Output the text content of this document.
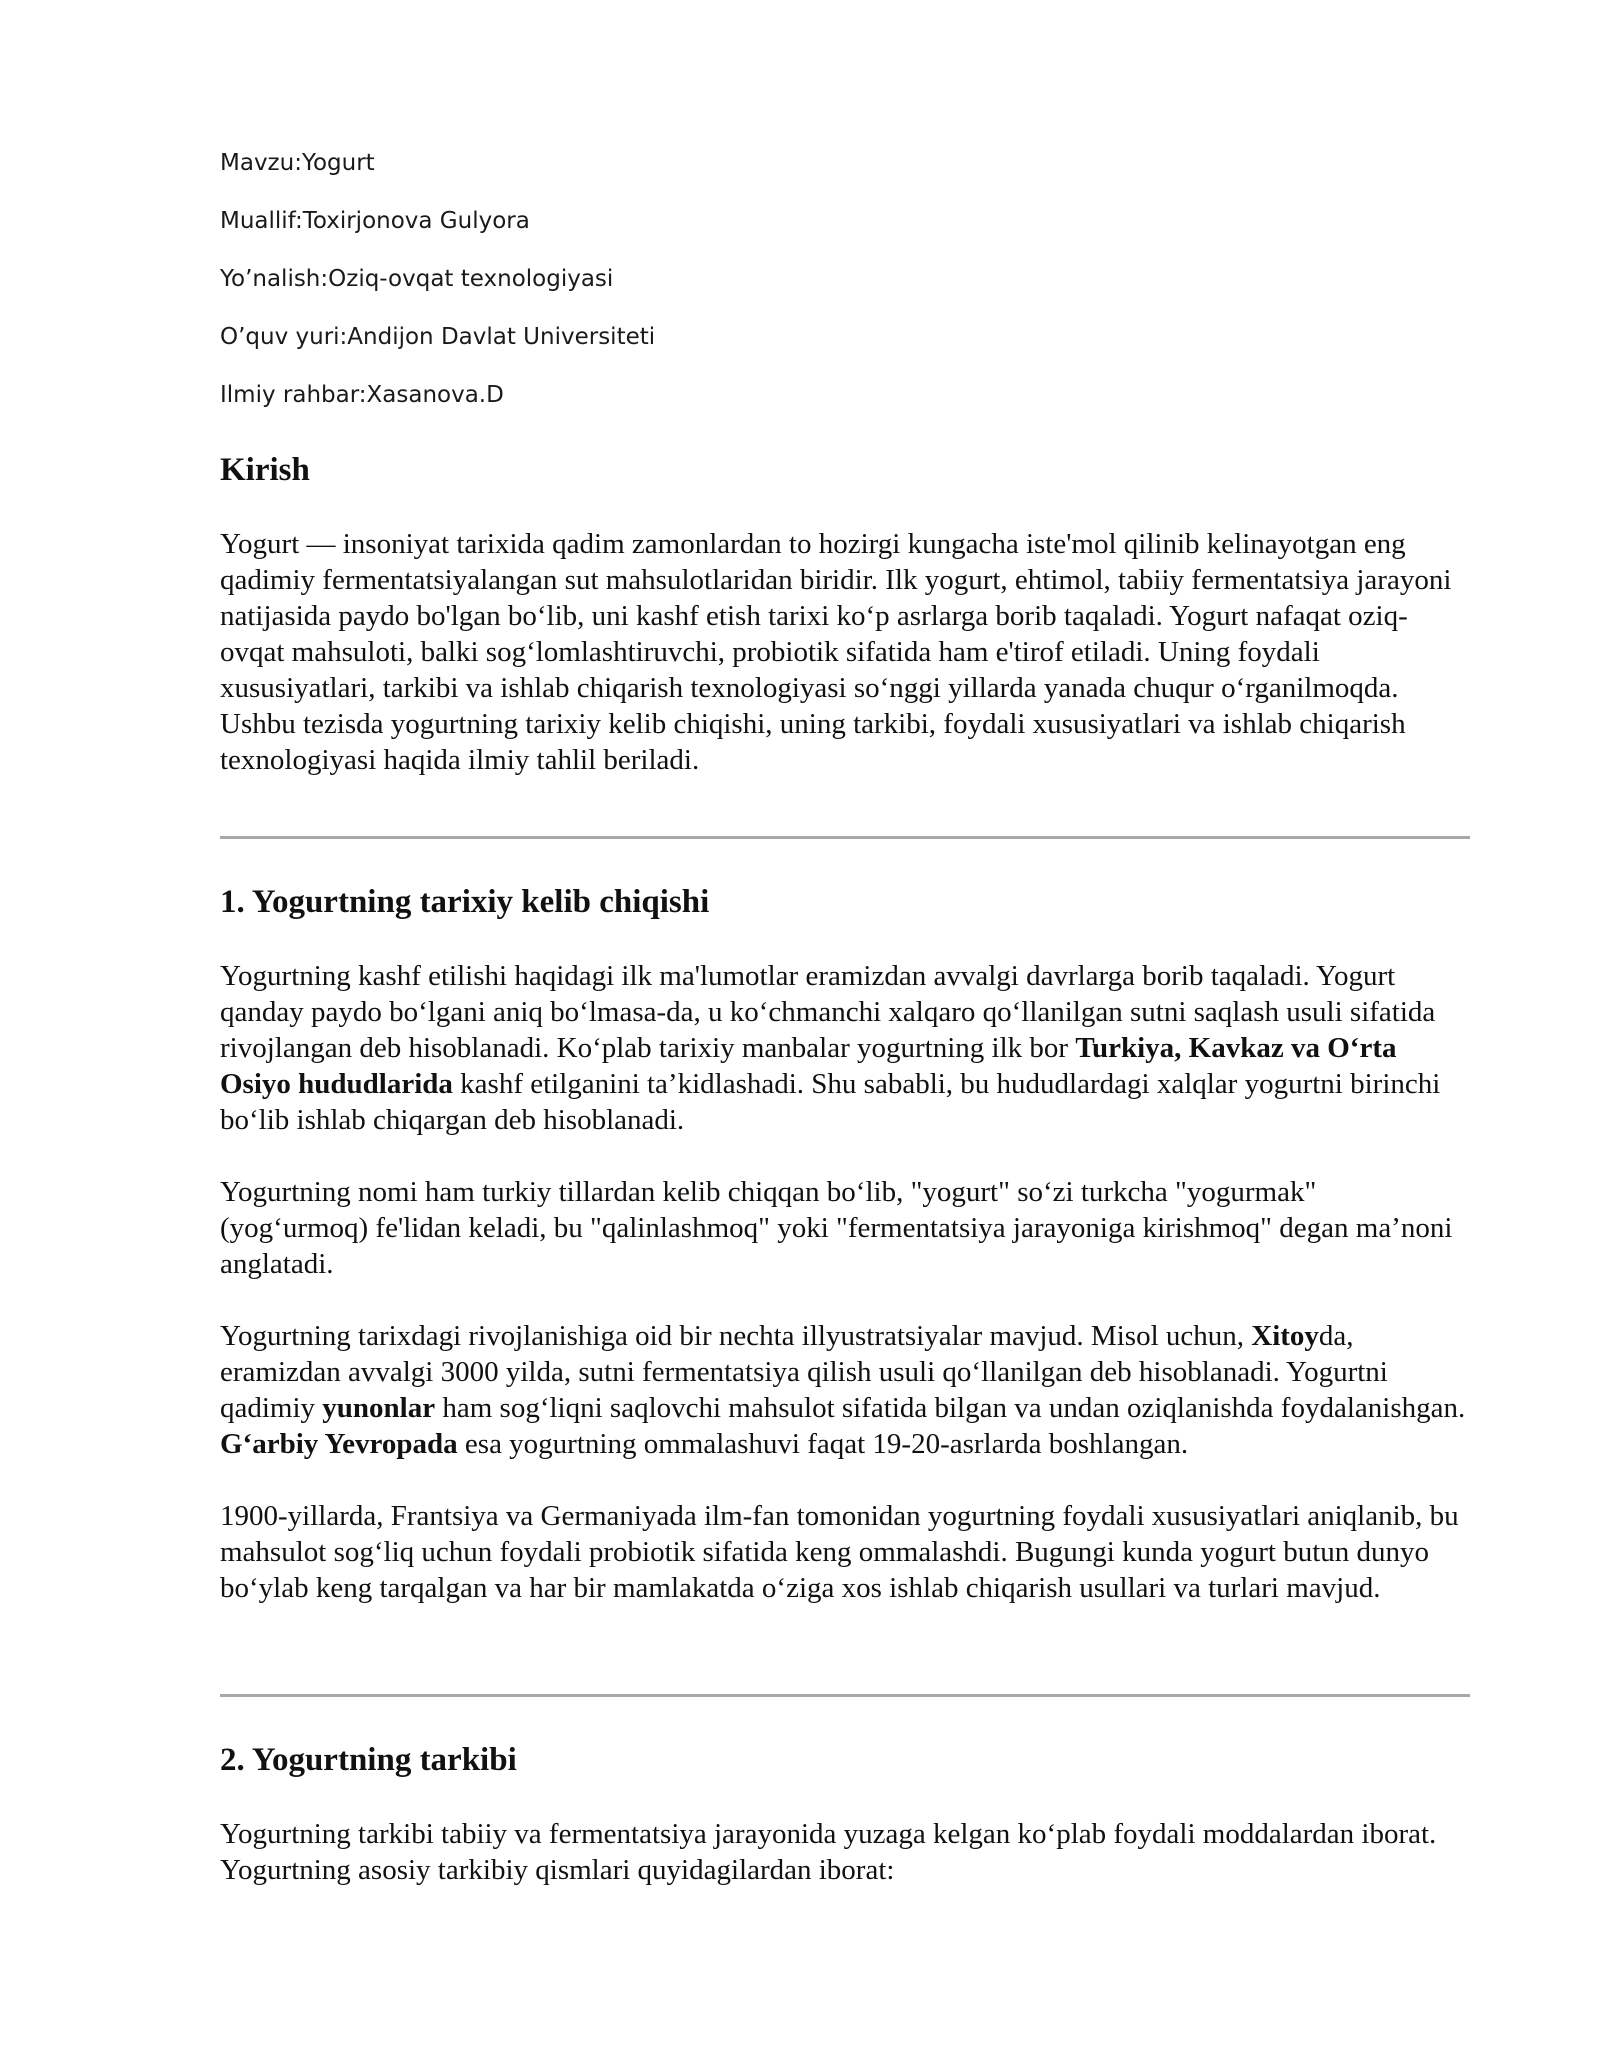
Mavzu:Yogurt
Muallif:Toxirjonova Gulyora
Yo’nalish:Oziq-ovqat texnologiyasi
O’quv yuri:Andijon Davlat Universiteti
Ilmiy rahbar:Xasanova.D
Kirish

Yogurt — insoniyat tarixida qadim zamonlardan to hozirgi kungacha iste'mol qilinib kelinayotgan eng qadimiy fermentatsiyalangan sut mahsulotlaridan biridir. Ilk yogurt, ehtimol, tabiiy fermentatsiya jarayoni natijasida paydo bo'lgan bo‘lib, uni kashf etish tarixi ko‘p asrlarga borib taqaladi. Yogurt nafaqat oziq-ovqat mahsuloti, balki sog‘lomlashtiruvchi, probiotik sifatida ham e'tirof etiladi. Uning foydali xususiyatlari, tarkibi va ishlab chiqarish texnologiyasi so‘nggi yillarda yanada chuqur o‘rganilmoqda. Ushbu tezisda yogurtning tarixiy kelib chiqishi, uning tarkibi, foydali xususiyatlari va ishlab chiqarish texnologiyasi haqida ilmiy tahlil beriladi.

1. Yogurtning tarixiy kelib chiqishi

Yogurtning kashf etilishi haqidagi ilk ma'lumotlar eramizdan avvalgi davrlarga borib taqaladi. Yogurt qanday paydo bo‘lgani aniq bo‘lmasa-da, u ko‘chmanchi xalqaro qo‘llanilgan sutni saqlash usuli sifatida rivojlangan deb hisoblanadi. Ko‘plab tarixiy manbalar yogurtning ilk bor Turkiya, Kavkaz va O‘rta Osiyo hududlarida kashf etilganini ta’kidlashadi. Shu sababli, bu hududlardagi xalqlar yogurtni birinchi bo‘lib ishlab chiqargan deb hisoblanadi.

Yogurtning nomi ham turkiy tillardan kelib chiqqan bo‘lib, "yogurt" so‘zi turkcha "yogurmak" (yog‘urmoq) fe'lidan keladi, bu "qalinlashmoq" yoki "fermentatsiya jarayoniga kirishmoq" degan ma’noni anglatadi.

Yogurtning tarixdagi rivojlanishiga oid bir nechta illyustratsiyalar mavjud. Misol uchun, Xitoyda, eramizdan avvalgi 3000 yilda, sutni fermentatsiya qilish usuli qo‘llanilgan deb hisoblanadi. Yogurtni qadimiy yunonlar ham sog‘liqni saqlovchi mahsulot sifatida bilgan va undan oziqlanishda foydalanishgan. G‘arbiy Yevropada esa yogurtning ommalashuvi faqat 19-20-asrlarda boshlangan.

1900-yillarda, Frantsiya va Germaniyada ilm-fan tomonidan yogurtning foydali xususiyatlari aniqlanib, bu mahsulot sog‘liq uchun foydali probiotik sifatida keng ommalashdi. Bugungi kunda yogurt butun dunyo bo‘ylab keng tarqalgan va har bir mamlakatda o‘ziga xos ishlab chiqarish usullari va turlari mavjud.

2. Yogurtning tarkibi

Yogurtning tarkibi tabiiy va fermentatsiya jarayonida yuzaga kelgan ko‘plab foydali moddalardan iborat. Yogurtning asosiy tarkibiy qismlari quyidagilardan iborat:
